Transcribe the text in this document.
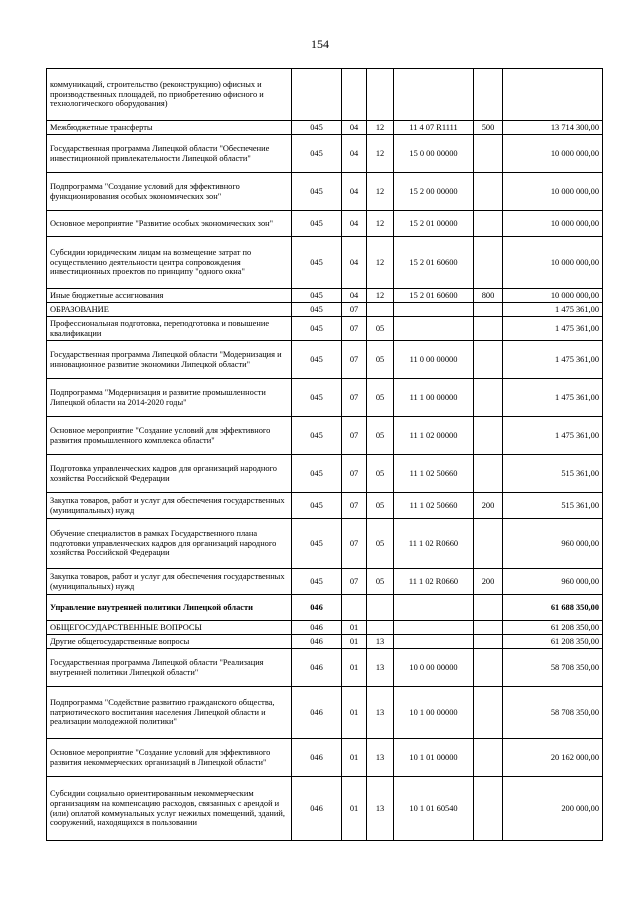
154
коммуникаций, строительство (реконструкцию) офисных и производственных площадей, по приобретению офисного и технологического оборудования)						
Межбюджетные трансферты	045	04	12	11 4 07 R1111	500	13 714 300,00
Государственная программа Липецкой области "Обеспечение инвестиционной привлекательности Липецкой области"	045	04	12	15 0 00 00000		10 000 000,00
Подпрограмма "Создание условий для эффективного функционирования особых экономических зон"	045	04	12	15 2 00 00000		10 000 000,00
Основное мероприятие "Развитие особых экономических зон"	045	04	12	15 2 01 00000		10 000 000,00
Субсидии юридическим лицам на возмещение затрат по осуществлению деятельности центра сопровождения инвестиционных проектов по принципу "одного окна"	045	04	12	15 2 01 60600		10 000 000,00
Иные бюджетные ассигнования	045	04	12	15 2 01 60600	800	10 000 000,00
ОБРАЗОВАНИЕ	045	07				1 475 361,00
Профессиональная подготовка, переподготовка и повышение квалификации	045	07	05			1 475 361,00
Государственная программа Липецкой области "Модернизация и инновационное развитие экономики Липецкой области"	045	07	05	11 0 00 00000		1 475 361,00
Подпрограмма "Модернизация и развитие промышленности Липецкой области на 2014-2020 годы"	045	07	05	11 1 00 00000		1 475 361,00
Основное мероприятие "Создание условий для эффективного развития промышленного комплекса области"	045	07	05	11 1 02 00000		1 475 361,00
Подготовка управленческих кадров для организаций народного хозяйства Российской Федерации	045	07	05	11 1 02 50660		515 361,00
Закупка товаров, работ и услуг для обеспечения государственных (муниципальных) нужд	045	07	05	11 1 02 50660	200	515 361,00
Обучение специалистов в рамках Государственного плана подготовки управленческих кадров для организаций народного хозяйства Российской Федерации	045	07	05	11 1 02 R0660		960 000,00
Закупка товаров, работ и услуг для обеспечения государственных (муниципальных) нужд	045	07	05	11 1 02 R0660	200	960 000,00
Управление внутренней политики Липецкой области	046					61 688 350,00
ОБЩЕГОСУДАРСТВЕННЫЕ ВОПРОСЫ	046	01				61 208 350,00
Другие общегосударственные вопросы	046	01	13			61 208 350,00
Государственная программа Липецкой области "Реализация внутренней политики Липецкой области"	046	01	13	10 0 00 00000		58 708 350,00
Подпрограмма "Содействие развитию гражданского общества, патриотического воспитания населения Липецкой области и реализации молодежной политики"	046	01	13	10 1 00 00000		58 708 350,00
Основное мероприятие "Создание условий для эффективного развития некоммерческих организаций в Липецкой области"	046	01	13	10 1 01 00000		20 162 000,00
Субсидии социально ориентированным некоммерческим организациям на компенсацию расходов, связанных с арендой и (или) оплатой коммунальных услуг нежилых помещений, зданий, сооружений, находящихся в пользовании	046	01	13	10 1 01 60540		200 000,00
